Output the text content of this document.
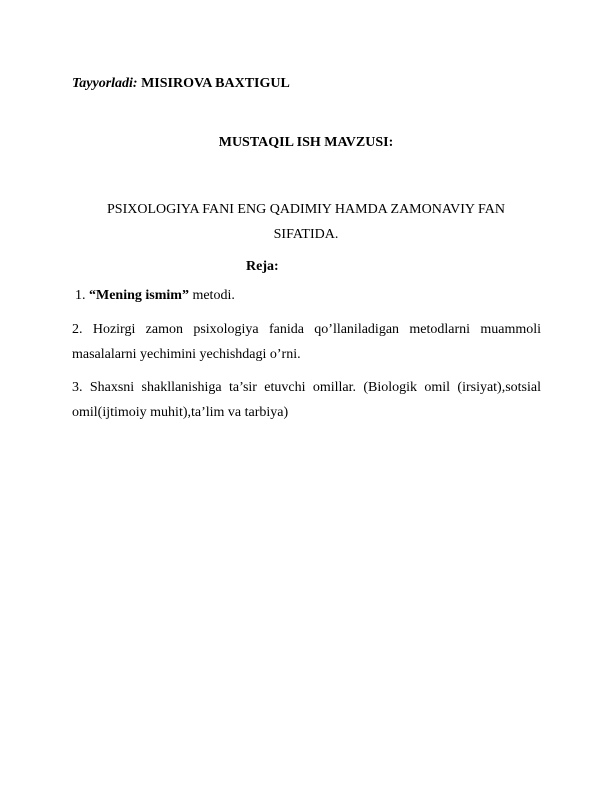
Tayyorladi: MISIROVA BAXTIGUL

MUSTAQIL ISH MAVZUSI:

PSIXOLOGIYA FANI ENG QADIMIY HAMDA ZAMONAVIY FAN

SIFATIDA.

Reja:

1. “Mening ismim” metodi.

2. Hozirgi zamon psixologiya fanida qo’llaniladigan metodlarni muammoli
masalalarni yechimini yechishdagi o’rni.
3. Shaxsni shakllanishiga ta’sir etuvchi omillar. (Biologik omil (irsiyat),sotsial
omil(ijtimoiy muhit),ta’lim va tarbiya)
